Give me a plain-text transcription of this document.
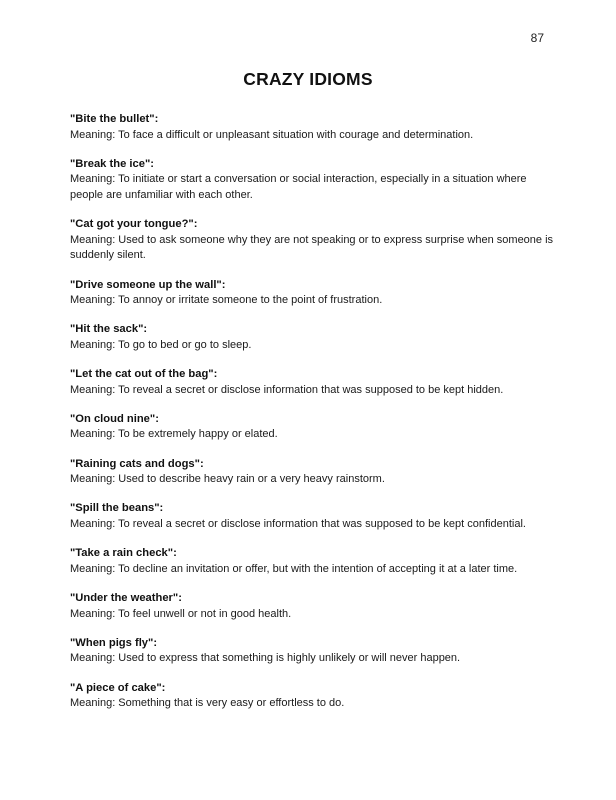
87
CRAZY IDIOMS
"Bite the bullet":
Meaning: To face a difficult or unpleasant situation with courage and determination.
"Break the ice":
Meaning: To initiate or start a conversation or social interaction, especially in a situation where people are unfamiliar with each other.
"Cat got your tongue?":
Meaning: Used to ask someone why they are not speaking or to express surprise when someone is suddenly silent.
"Drive someone up the wall":
Meaning: To annoy or irritate someone to the point of frustration.
"Hit the sack":
Meaning: To go to bed or go to sleep.
"Let the cat out of the bag":
Meaning: To reveal a secret or disclose information that was supposed to be kept hidden.
"On cloud nine":
Meaning: To be extremely happy or elated.
"Raining cats and dogs":
Meaning: Used to describe heavy rain or a very heavy rainstorm.
"Spill the beans":
Meaning: To reveal a secret or disclose information that was supposed to be kept confidential.
"Take a rain check":
Meaning: To decline an invitation or offer, but with the intention of accepting it at a later time.
"Under the weather":
Meaning: To feel unwell or not in good health.
"When pigs fly":
Meaning: Used to express that something is highly unlikely or will never happen.
"A piece of cake":
Meaning: Something that is very easy or effortless to do.
